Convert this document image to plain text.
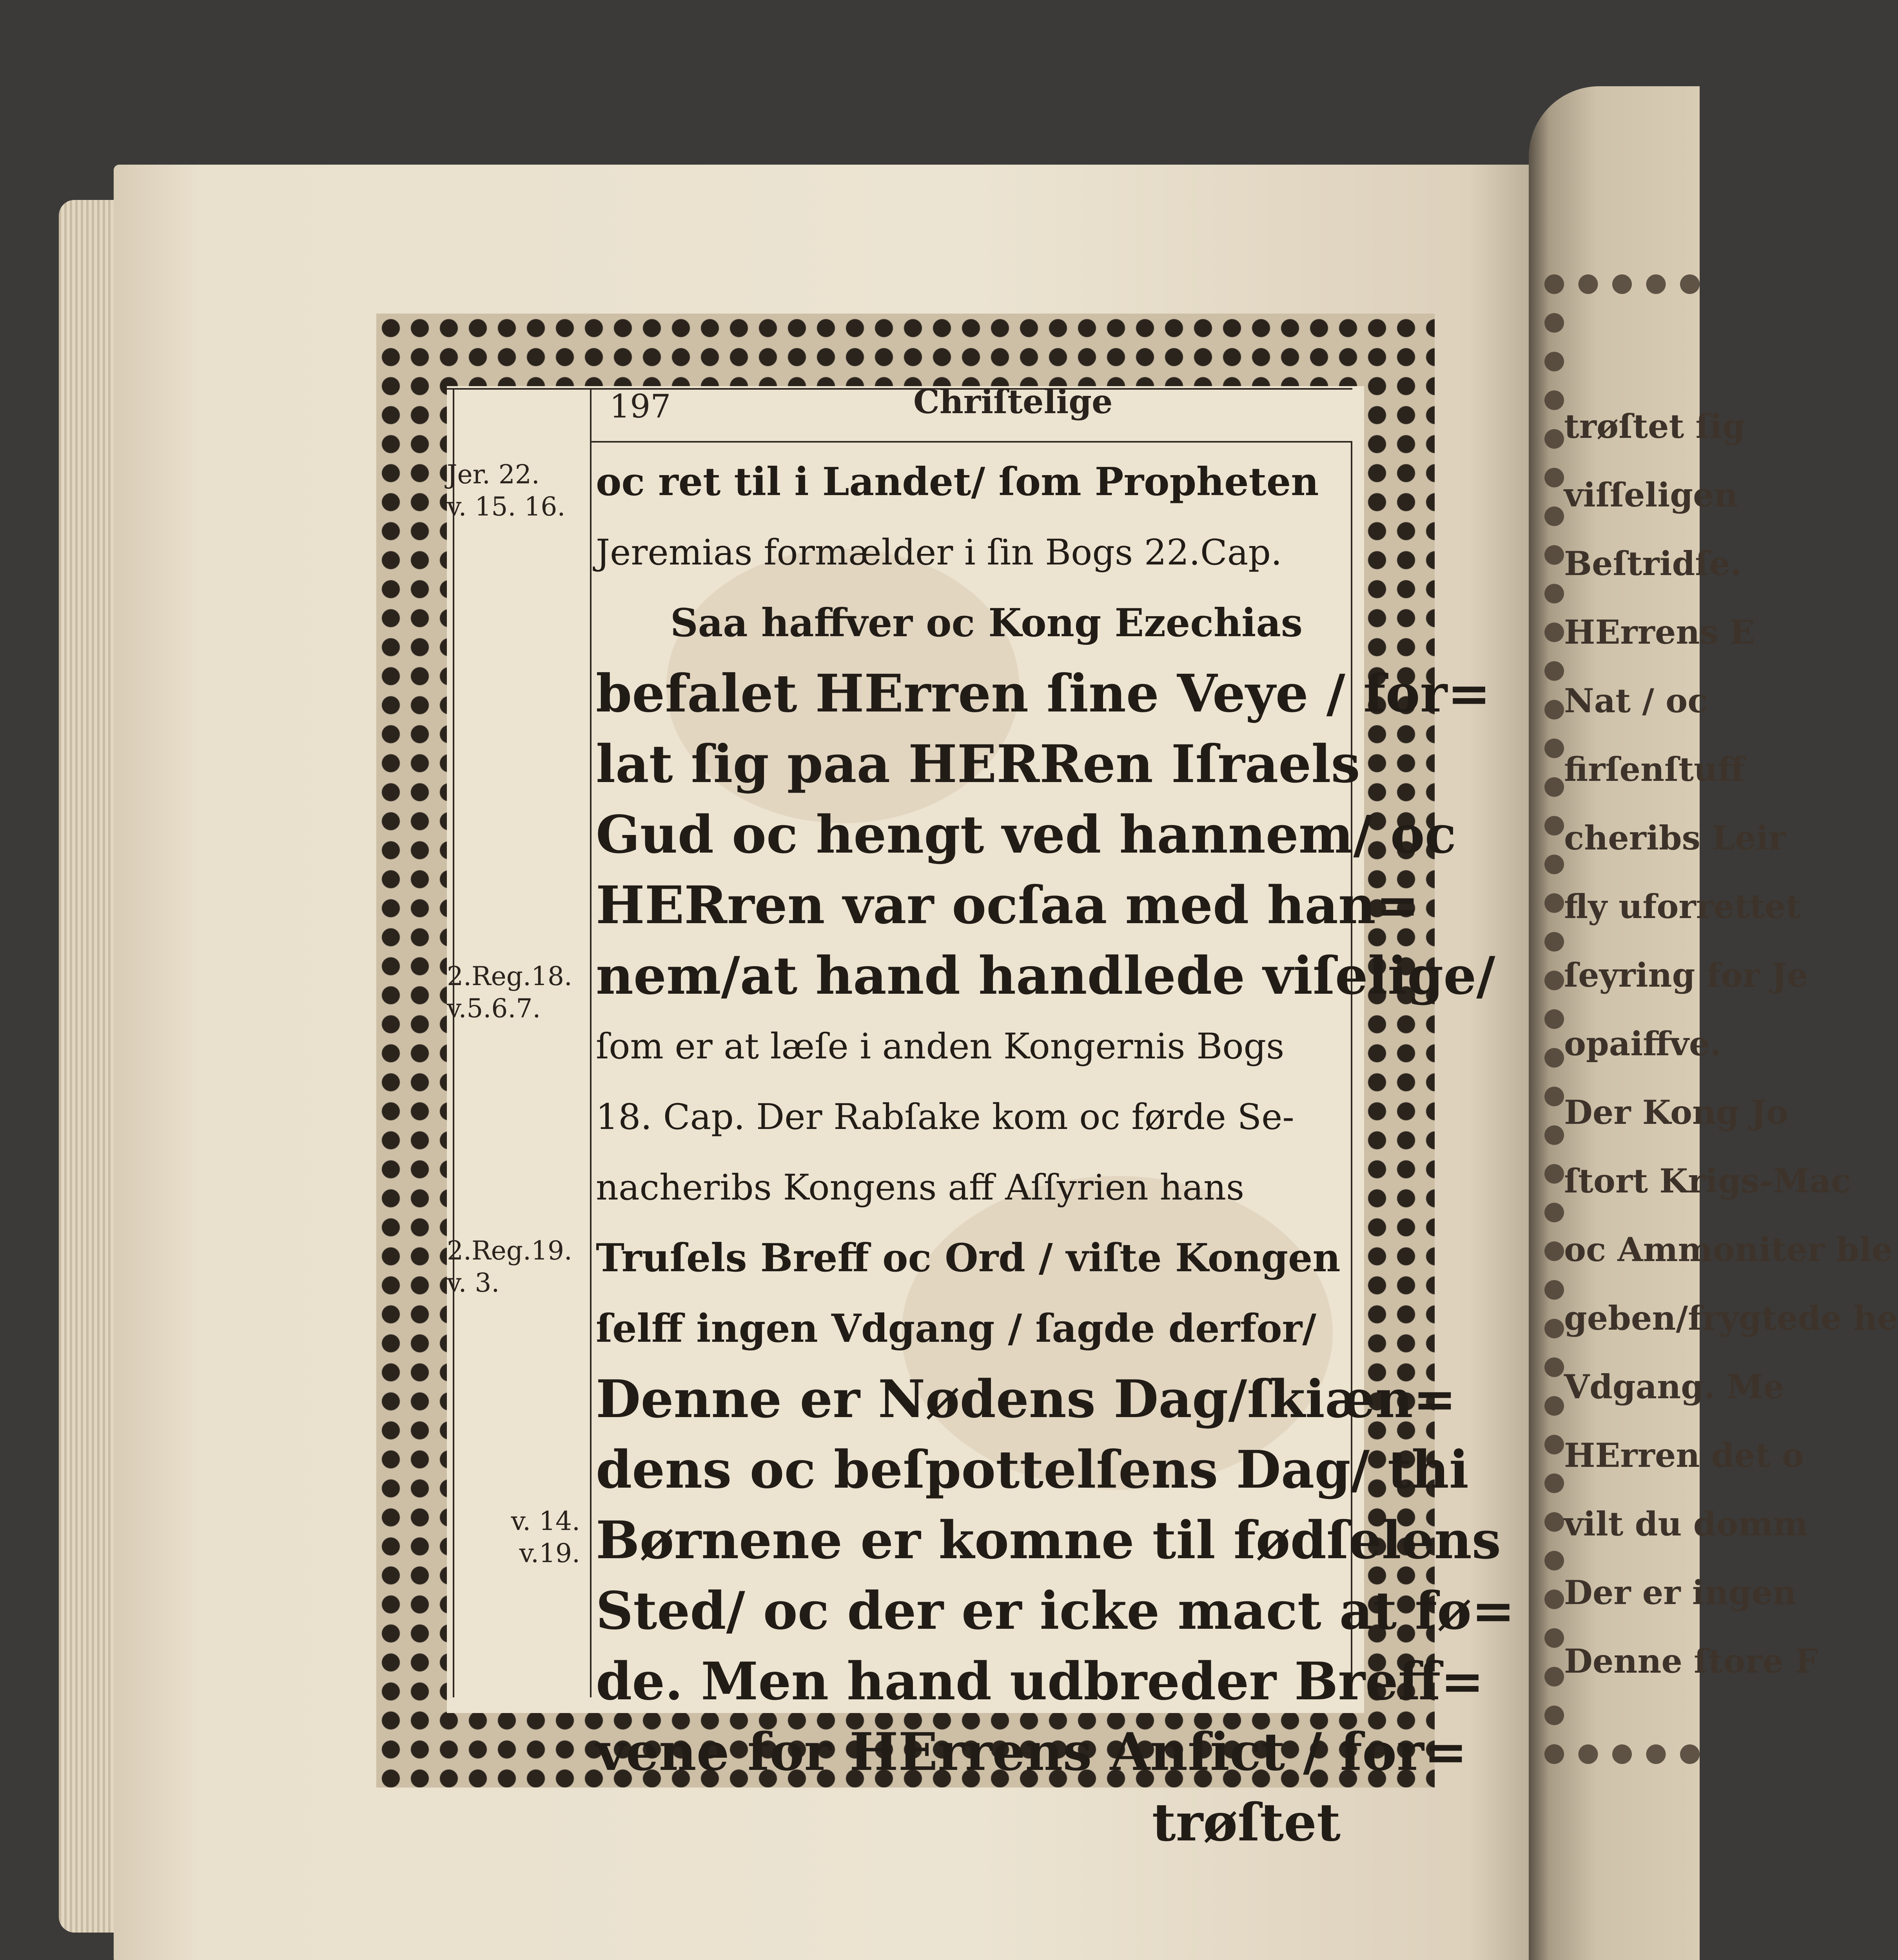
trøſtet ſig
viſſeligen
Beſtridſe.
HErrens E
Nat / oc
firſenſtuff
cheribs Leir
fly uforrettet
ſeyring for Je
opaiffve.
Der Kong Jo
ſtort Krigs-Mac
oc Ammoniter ble
geben/frygtede he
Vdgang. Me
HErren det o
vilt du domm
Der er ingen
Denne ſtore F
197	Chriſtelige
Jer. 22.
v. 15. 16.
2.Reg.18.
v.5.6.7.
2.Reg.19.
v. 3.
v. 14.
v.19.
oc ret til i Landet/ ſom Propheten
Jeremias formælder i ſin Bogs 22.Cap.
Saa haffver oc Kong Ezechias
befalet HErren ſine Veye / for=
lat ſig paa HERRen Iſraels
Gud oc hengt ved hannem/ oc
HERren var ocſaa med han=
nem/at hand handlede viſelige/
ſom er at læſe i anden Kongernis Bogs
18. Cap. Der Rabſake kom oc førde Se-
nacheribs Kongens aff Aſſyrien hans
Truſels Breff oc Ord / viſte Kongen
ſelff ingen Vdgang / ſagde derfor/
Denne er Nødens Dag/ſkiæn=
dens oc beſpottelſens Dag/ thi
Børnene er komne til fødſelens
Sted/ oc der er icke mact at fø=
de. Men hand udbreder Breff=
vene for HErrens Anſict / for=
trøſtet
